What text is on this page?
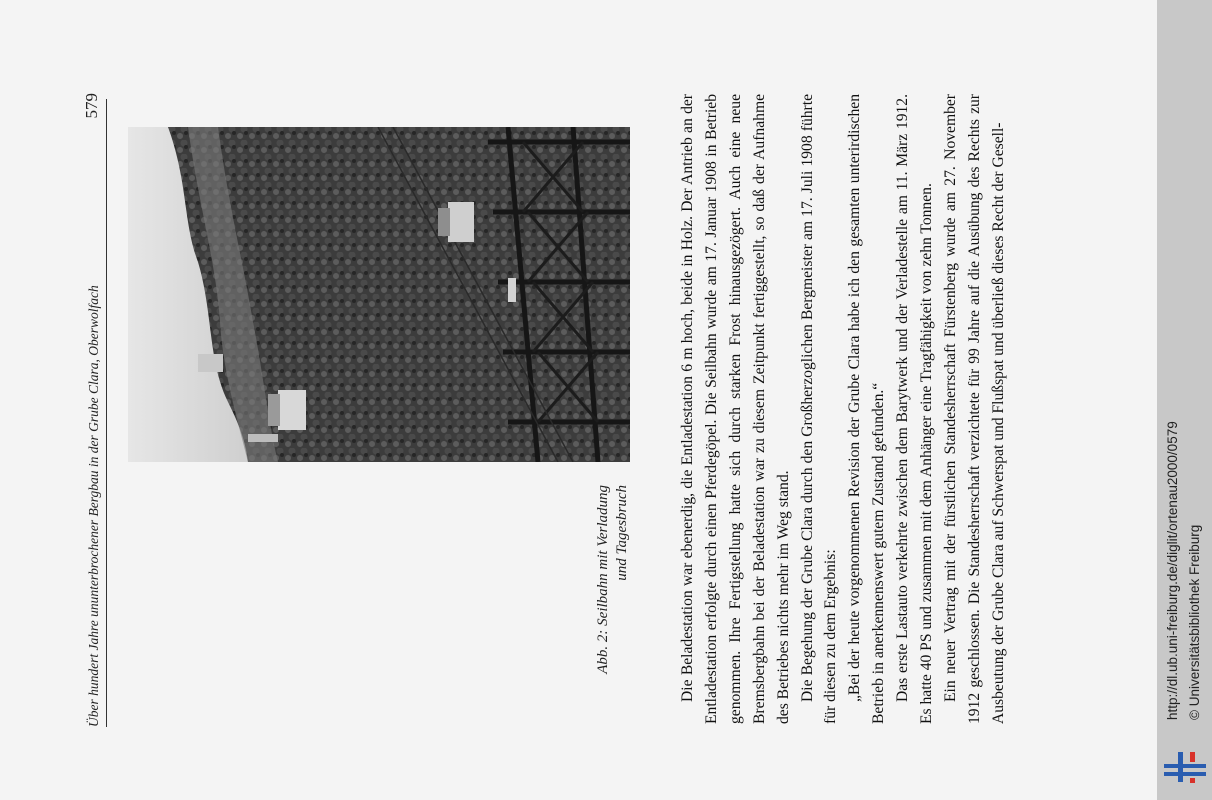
Über hundert Jahre ununterbrochener Bergbau in der Grube Clara, Oberwolfach
579
Abb. 2: Seilbahn mit Verladung und Tagesbruch	Die Beladestation war ebenerdig, die Entladestation 6 m hoch, beide in Holz. Der Antrieb an der Entladestation erfolgte durch einen Pferdegöpel. Die Seilbahn wurde am 17. Januar 1908 in Betrieb genommen. Ihre Fertigstellung hatte sich durch starken Frost hinausgezögert. Auch eine neue Bremsbergbahn bei der Beladestation war zu diesem Zeitpunkt fertiggestellt, so daß der Aufnahme des Betriebes nichts mehr im Weg stand. Die Begehung der Grube Clara durch den Großherzoglichen Bergmeister am 17. Juli 1908 führte für diesen zu dem Ergebnis: „Bei der heute vorgenommenen Revision der Grube Clara habe ich den gesamten unterirdischen Betrieb in anerkennenswert gutem Zustand gefunden.“ Das erste Lastauto verkehrte zwischen dem Barytwerk und der Verladestelle am 11. März 1912. Es hatte 40 PS und zusammen mit dem Anhänger eine Tragfähigkeit von zehn Tonnen. Ein neuer Vertrag mit der fürstlichen Standesherrschaft Fürstenberg wurde am 27. November 1912 geschlossen. Die Standesherrschaft verzichtete für 99 Jahre auf die Ausübung des Rechts zur Ausbeutung der Grube Clara auf Schwerspat und Flußspat und überließ dieses Recht der Gesell-	http://dl.ub.uni-freiburg.de/diglit/ortenau2000/0579 © Universitätsbibliothek Freiburg
